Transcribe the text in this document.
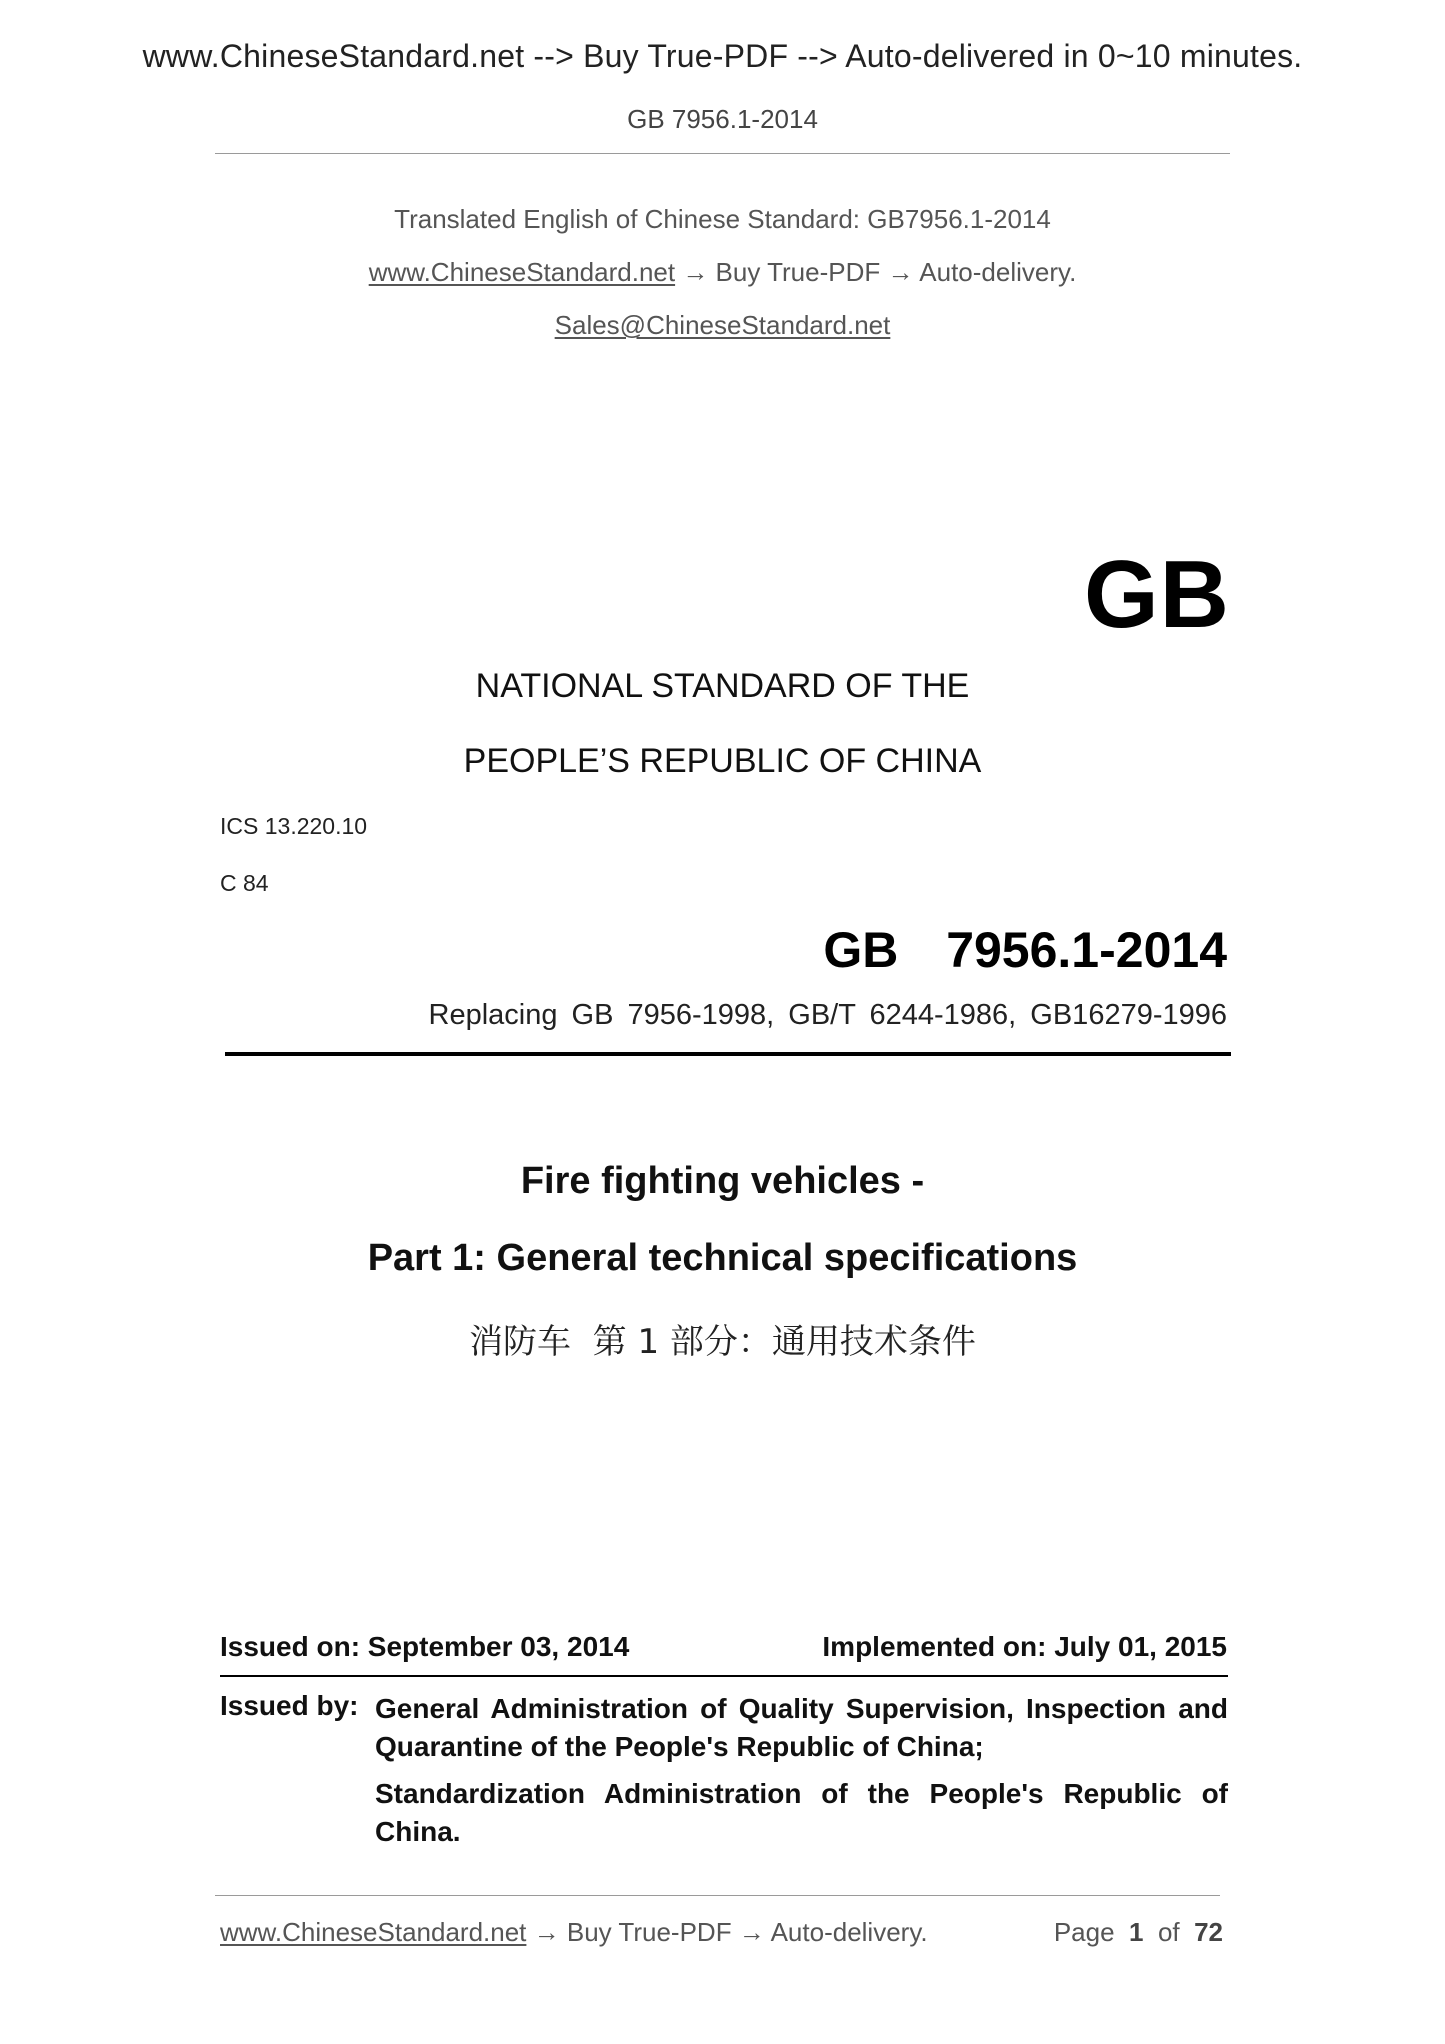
www.ChineseStandard.net --> Buy True-PDF --> Auto-delivered in 0~10 minutes.
GB 7956.1-2014
Translated English of Chinese Standard: GB7956.1-2014
www.ChineseStandard.net → Buy True-PDF → Auto-delivery.
Sales@ChineseStandard.net
GB
NATIONAL STANDARD OF THE
PEOPLE’S REPUBLIC OF CHINA
ICS 13.220.10
C 84
GB  7956.1-2014
Replacing GB 7956-1998, GB/T 6244-1986, GB16279-1996
Fire fighting vehicles -
Part 1: General technical specifications
消防车  第 1 部分：通用技术条件
Issued on: September 03, 2014	Implemented on: July 01, 2015
Issued by: General Administration of Quality Supervision, Inspection and Quarantine of the People's Republic of China;
Standardization Administration of the People's Republic of China.
www.ChineseStandard.net → Buy True-PDF → Auto-delivery.	Page 1 of 72
